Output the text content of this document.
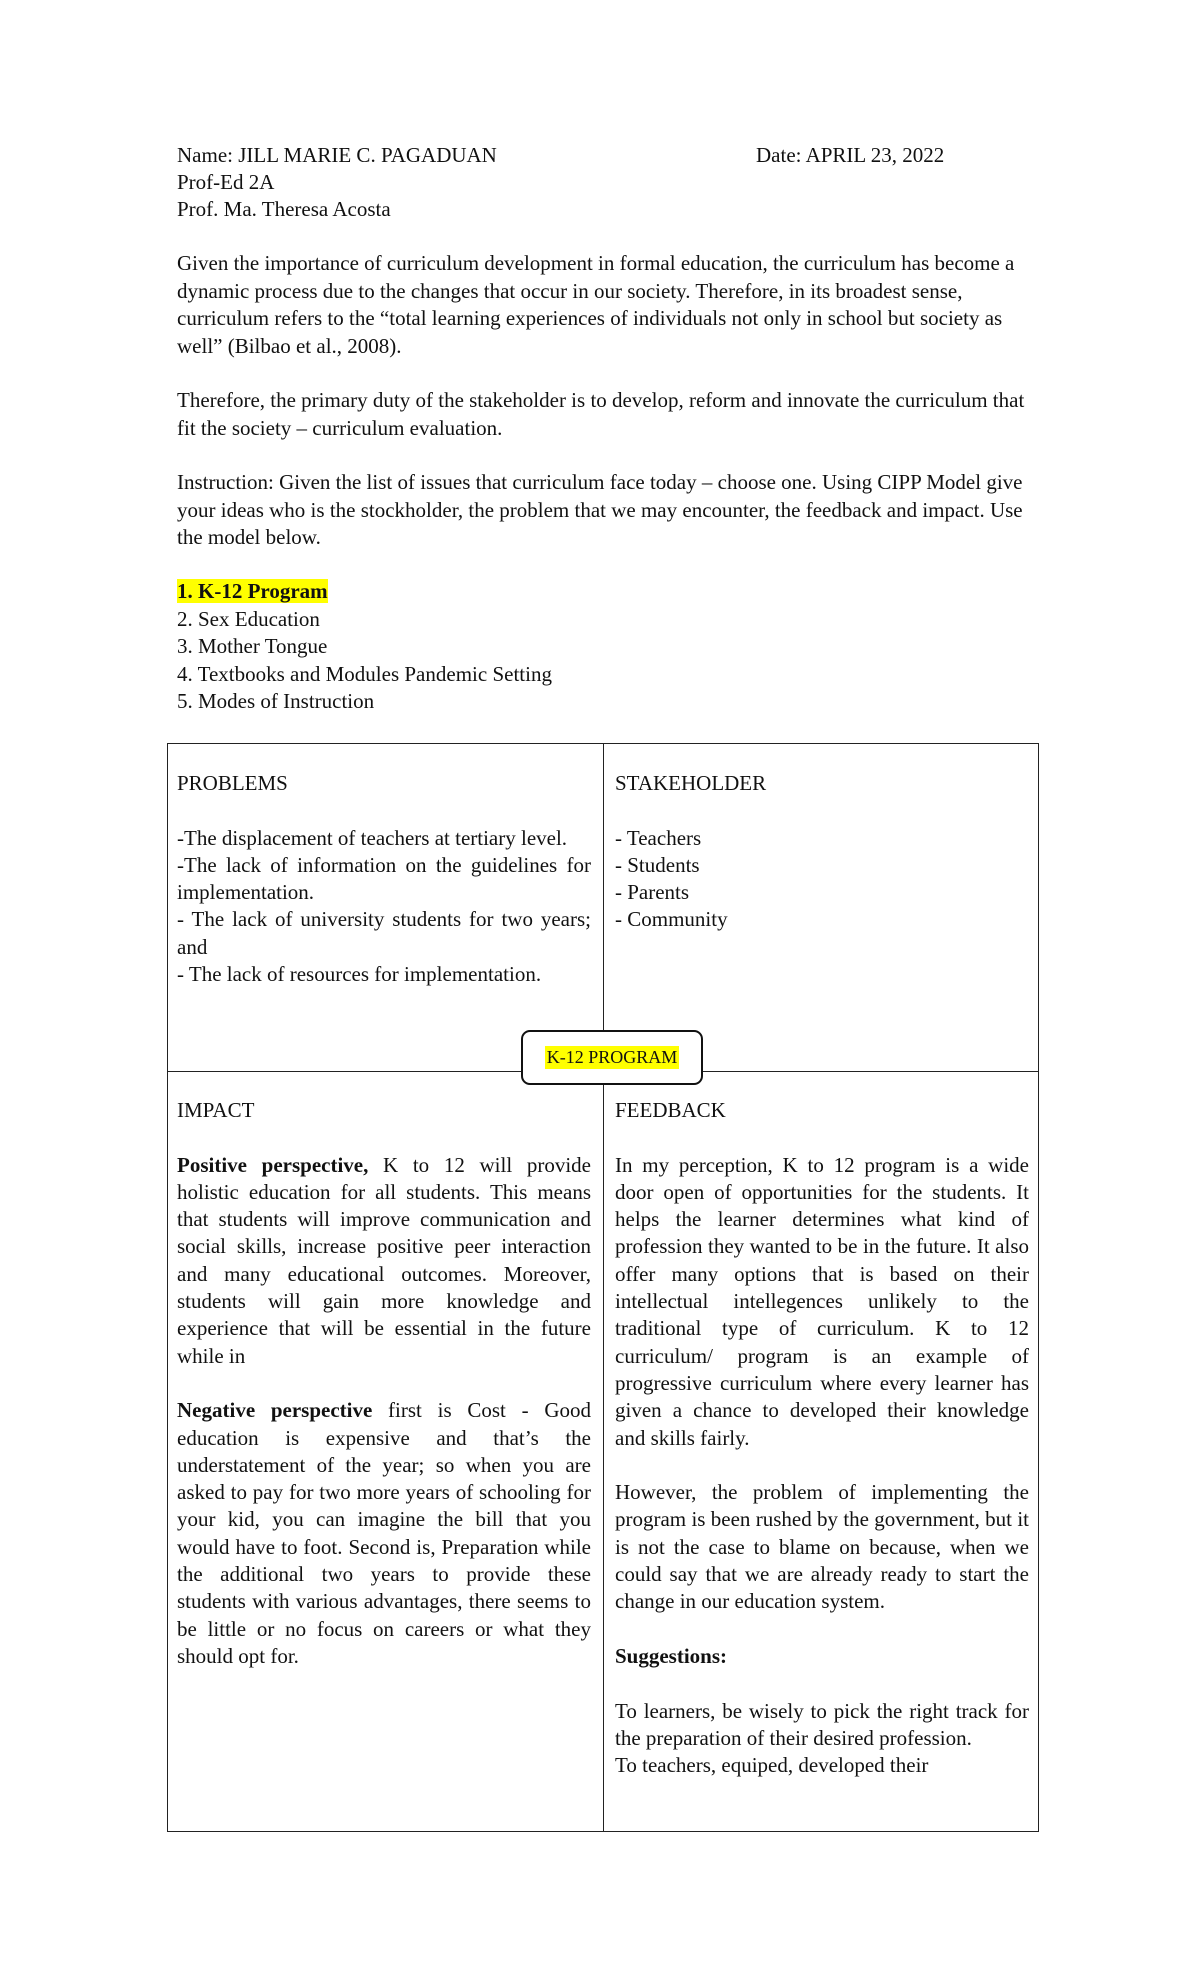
Name: JILL MARIE C. PAGADUAN	Date: APRIL 23, 2022
Prof-Ed 2A
Prof. Ma. Theresa Acosta

Given the importance of curriculum development in formal education, the curriculum has become a dynamic process due to the changes that occur in our society. Therefore, in its broadest sense, curriculum refers to the “total learning experiences of individuals not only in school but society as well” (Bilbao et al., 2008).

Therefore, the primary duty of the stakeholder is to develop, reform and innovate the curriculum that fit the society – curriculum evaluation.

Instruction: Given the list of issues that curriculum face today – choose one. Using CIPP Model give your ideas who is the stockholder, the problem that we may encounter, the feedback and impact. Use the model below.

1. K-12 Program
2. Sex Education
3. Mother Tongue
4. Textbooks and Modules Pandemic Setting
5. Modes of Instruction
PROBLEMS

-The displacement of teachers at tertiary level.

-The lack of information on the guidelines for implementation.

- The lack of university students for two years; and

- The lack of resources for implementation.

STAKEHOLDER

- Teachers

- Students

- Parents

- Community

IMPACT

Positive perspective, K to 12 will provide holistic education for all students. This means that students will improve communication and social skills, increase positive peer interaction and many educational outcomes. Moreover, students will gain more knowledge and experience that will be essential in the future while in

Negative perspective first is Cost - Good education is expensive and that’s the understatement of the year; so when you are asked to pay for two more years of schooling for your kid, you can imagine the bill that you would have to foot. Second is, Preparation while the additional two years to provide these students with various advantages, there seems to be little or no focus on careers or what they should opt for.

FEEDBACK

In my perception, K to 12 program is a wide door open of opportunities for the students. It helps the learner determines what kind of profession they wanted to be in the future. It also offer many options that is based on their intellectual intellegences unlikely to the traditional type of curriculum. K to 12 curriculum/ program is an example of progressive curriculum where every learner has given a chance to developed their knowledge and skills fairly.

However, the problem of implementing the program is been rushed by the government, but it is not the case to blame on because, when we could say that we are already ready to start the change in our education system.

Suggestions:

To learners, be wisely to pick the right track for the preparation of their desired profession.

To teachers, equiped, developed their

K-12 PROGRAM
